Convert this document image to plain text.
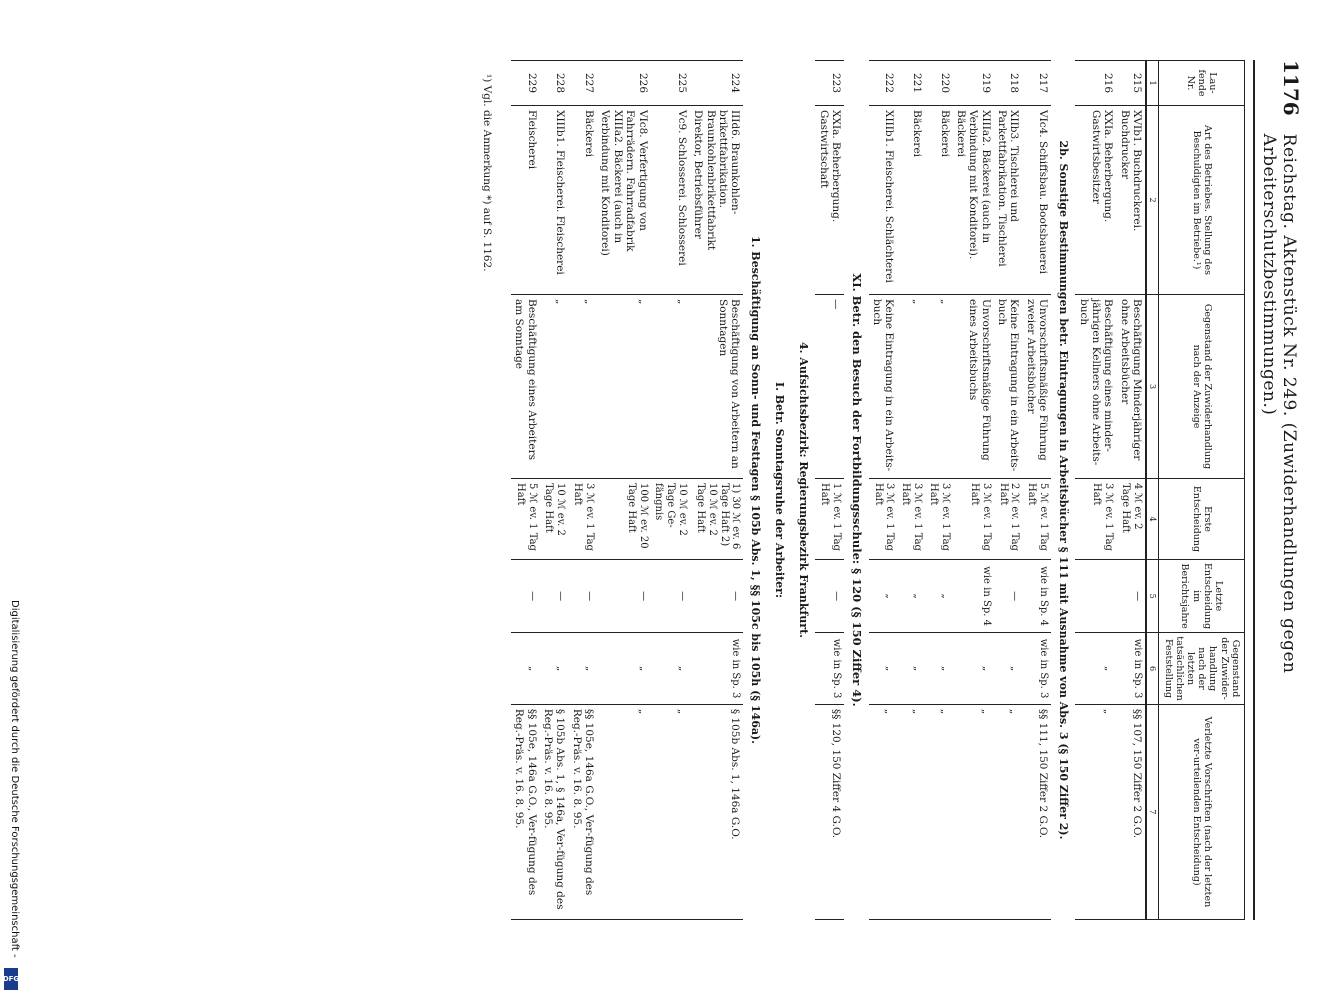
1176
Reichstag. Aktenstück Nr. 249. (Zuwiderhandlungen gegen Arbeiterschutzbestimmungen.)
Lau-fende Nr.	Art des Betriebes. Stellung des Beschuldigten im Betriebe.¹)	Gegenstand der Zuwiderhandlung nach der Anzeige	Erste Entscheidung	Letzte Entscheidung im Berichtsjahre	Gegenstand der Zuwider-handlung nach der letzten tatsächlichen Feststellung	Verletzte Vorschriften (nach der letzten ver-urteilenden Entscheidung)
1	2	3	4	5	6	7
215	XVIb1. Buchdruckerei. Buchdrucker	Beschäftigung Minderjähriger ohne Arbeitsbücher	4 ℳ ev. 2 Tage Haft	—	wie in Sp. 3	§§ 107, 150 Ziffer 2 G.O.
216	XXIa. Beherbergung. Gastwirtsbesitzer	Beschäftigung eines minder-jährigen Kellners ohne Arbeits-buch	3 ℳ ev. 1 Tag Haft		„	„
2b. Sonstige Bestimmungen betr. Eintragungen in Arbeitsbücher § 111 mit Ausnahme von Abs. 3 (§ 150 Ziffer 2).						
217	VIc4. Schiffsbau. Bootsbauerei	Unvorschriftsmäßige Führung zweier Arbeitsbücher	5 ℳ ev. 1 Tag Haft	wie in Sp. 4	wie in Sp. 3	§§ 111, 150 Ziffer 2 G.O.
218	XIIb3. Tischlerei und Parkettfabrikation. Tischlerei	Keine Eintragung in ein Arbeits-buch	2 ℳ ev. 1 Tag Haft	—	„	„
219	XIIIa2. Bäckerei (auch in Verbindung mit Konditorei). Bäckerei	Unvorschriftsmäßige Führung eines Arbeitsbuchs	3 ℳ ev. 1 Tag Haft	wie in Sp. 4	„	„
220	Bäckerei	„	3 ℳ ev. 1 Tag Haft	„	„	„
221	Bäckerei	„	3 ℳ ev. 1 Tag Haft	„	„	„
222	XIIIb1. Fleischerei. Schlächterei	Keine Eintragung in ein Arbeits-buch	3 ℳ ev. 1 Tag Haft	„	„	„
XI. Betr. den Besuch der Fortbildungsschule: § 120 (§ 150 Ziffer 4).						
223	XXIa. Beherbergung. Gastwirtschaft	—	1 ℳ ev. 1 Tag Haft	—	wie in Sp. 3	§§ 120, 150 Ziffer 4 G.O.
4. Aufsichtsbezirk: Regierungsbezirk Frankfurt.						
I. Betr. Sonntagsruhe der Arbeiter:						
1. Beschäftigung an Sonn- und Festtagen § 105b Abs. 1, §§ 105c bis 105h (§ 146a).						
224	IIId6. Braunkohlen-brikettfabrikation. Braunkohlenbrikettfabrikt Direktor, Betriebsführer	Beschäftigung von Arbeitern an Sonntagen	1) 30 ℳ ev. 6 Tage Haft 2) 10 ℳ ev. 2 Tage Haft	—	wie in Sp. 3	§ 105b Abs. 1, 146a G.O.
225	Vc9. Schlosserei. Schlosserei	„	10 ℳ ev. 2 Tage Ge-fängnis	—	„	„
226	VIc8. Verfertigung von Fahrrädern. Fahrradfabrik XIIIa2. Bäckerei (auch in Verbindung mit Konditorei)	„	100 ℳ ev. 20 Tage Haft	—	„	„
227	Bäckerei	„	3 ℳ ev. 1 Tag Haft	—	„	§§ 105e, 146a G.O., Ver-fügung des Reg.-Präs. v. 16. 8. 95.
228	XIIIb1. Fleischerei. Fleischerei	„	10 ℳ ev. 2 Tage Haft	—	„	§ 105b Abs. 1, § 146a, Ver-fügung des Reg.-Präs. v. 16. 8. 95.
229	Fleischerei	Beschäftigung eines Arbeiters am Sonntage	5 ℳ ev. 1 Tag Haft	—	„	§§ 105e, 146a G.O., Ver-fügung des Reg.-Präs. v. 16. 8. 95.
¹) Vgl. die Anmerkung *) auf S. 1162.
Digitalisierung gefördert durch die Deutsche Forschungsgemeinschaft -
DFG
